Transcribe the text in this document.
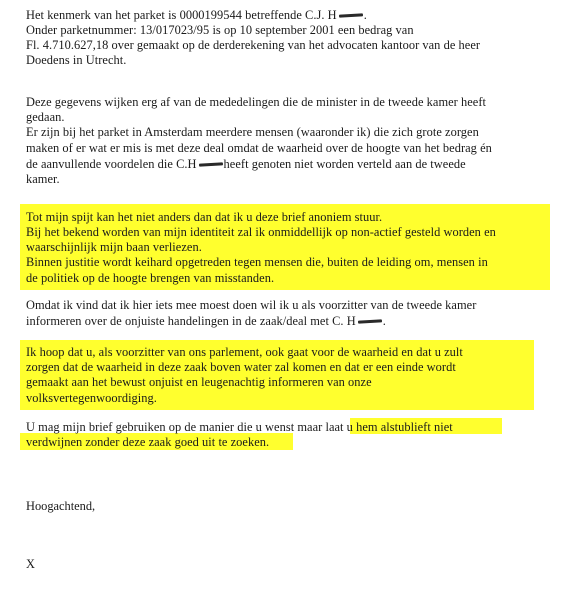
Het kenmerk van het parket is 0000199544 betreffende C.J. H .
Onder parketnummer: 13/017023/95 is op 10 september 2001 een bedrag van
Fl. 4.710.627,18 over gemaakt op de derderekening van het advocaten kantoor van de heer
Doedens in Utrecht.
Deze gegevens wijken erg af van de mededelingen die de minister in de tweede kamer heeft
gedaan.
Er zijn bij het parket in Amsterdam meerdere mensen (waaronder ik) die zich grote zorgen
maken of er wat er mis is met deze deal omdat de waarheid over de hoogte van het bedrag én
de aanvullende voordelen die C.H heeft genoten niet worden verteld aan de tweede
kamer.
Tot mijn spijt kan het niet anders dan dat ik u deze brief anoniem stuur.
Bij het bekend worden van mijn identiteit zal ik onmiddellijk op non-actief gesteld worden en
waarschijnlijk mijn baan verliezen.
Binnen justitie wordt keihard opgetreden tegen mensen die, buiten de leiding om, mensen in
de politiek op de hoogte brengen van misstanden.
Omdat ik vind dat ik hier iets mee moest doen wil ik u als voorzitter van de tweede kamer
informeren over de onjuiste handelingen in de zaak/deal met C. H .
Ik hoop dat u, als voorzitter van ons parlement, ook gaat voor de waarheid en dat u zult
zorgen dat de waarheid in deze zaak boven water zal komen en dat er een einde wordt
gemaakt aan het bewust onjuist en leugenachtig informeren van onze
volksvertegenwoordiging.
U mag mijn brief gebruiken op de manier die u wenst maar laat u hem alstublieft niet
verdwijnen zonder deze zaak goed uit te zoeken.
Hoogachtend,
X
